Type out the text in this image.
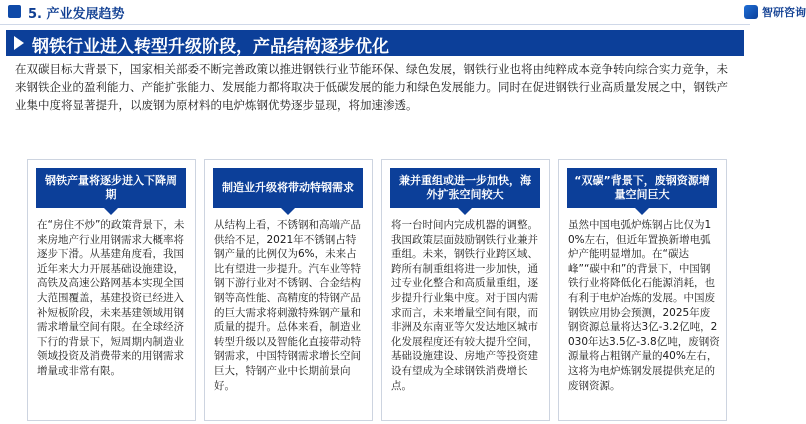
5. 产业发展趋势	智研咨询
钢铁行业进入转型升级阶段，产品结构逐步优化
在双碳目标大背景下，国家相关部委不断完善政策以推进钢铁行业节能环保、绿色发展，钢铁行业也将由纯粹成本竞争转向综合实力竞争，未来钢铁企业的盈利能力、产能扩张能力、发展能力都将取决于低碳发展的能力和绿色发展能力。同时在促进钢铁行业高质量发展之中，钢铁产业集中度将显著提升，以废钢为原材料的电炉炼钢优势逐步显现，将加速渗透。
钢铁产量将逐步进入下降周期
在“房住不炒”的政策背景下，未来房地产行业用钢需求大概率将逐步下滑。从基建角度看，我国近年来大力开展基础设施建设，高铁及高速公路网基本实现全国大范围覆盖，基建投资已经进入补短板阶段，未来基建领域用钢需求增量空间有限。在全球经济下行的背景下，短周期内制造业领域投资及消费带来的用钢需求增量或非常有限。
制造业升级将带动特钢需求
从结构上看，不锈钢和高端产品供给不足，2021年不锈钢占特钢产量的比例仅为6%，未来占比有望进一步提升。汽车业等特钢下游行业对不锈钢、合金结构钢等高性能、高精度的特钢产品的巨大需求将刺激特殊钢产量和质量的提升。总体来看，制造业转型升级以及智能化直接带动特钢需求，中国特钢需求增长空间巨大，特钢产业中长期前景向好。
兼并重组或进一步加快，海外扩张空间较大
将一台时间内完成机器的调整。我国政策层面鼓励钢铁行业兼并重组。未来，钢铁行业跨区域、跨所有制重组将进一步加快，通过专业化整合和高质量重组，逐步提升行业集中度。对于国内需求而言，未来增量空间有限，而非洲及东南亚等欠发达地区城市化发展程度还有较大提升空间，基础设施建设、房地产等投资建设有望成为全球钢铁消费增长点。
“双碳”背景下，废钢资源增量空间巨大
虽然中国电弧炉炼钢占比仅为10%左右，但近年置换新增电弧炉产能明显增加。在“碳达峰”“碳中和”的背景下，中国钢铁行业将降低化石能源消耗，也有利于电炉冶炼的发展。中国废钢铁应用协会预测，2025年废钢资源总量将达3亿-3.2亿吨，2030年达3.5亿-3.8亿吨，废钢资源量将占粗钢产量的40%左右，这将为电炉炼钢发展提供充足的废钢资源。
